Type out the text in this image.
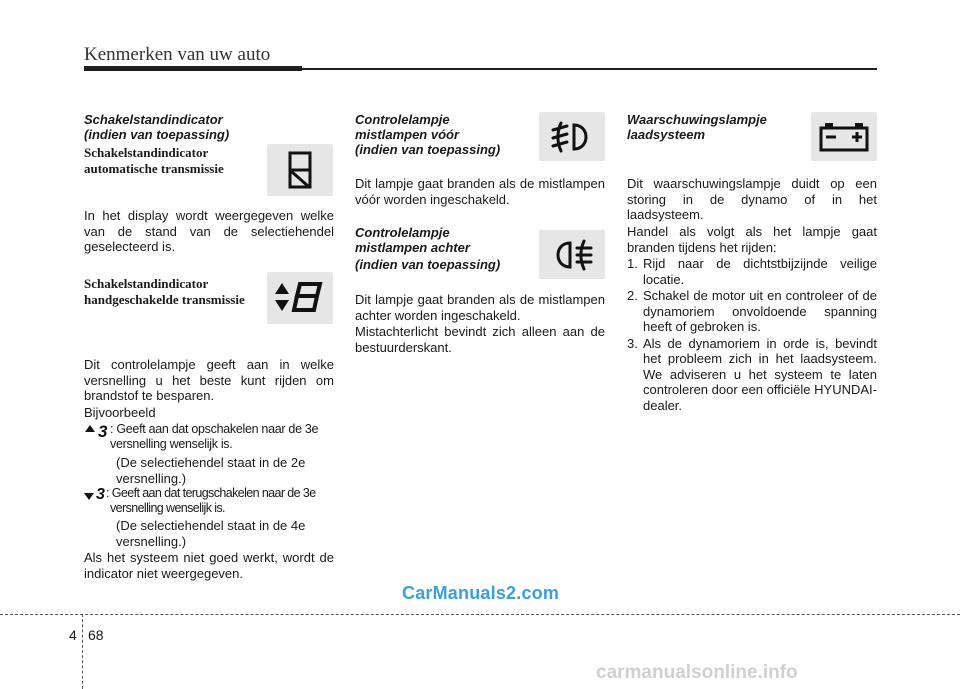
Kenmerken van uw auto
Schakelstandindicator
(indien van toepassing)
Schakelstandindicator
automatische transmissie
In het display wordt weergegeven welke van de stand van de selectiehendel geselecteerd is.
Schakelstandindicator
handgeschakelde transmissie
Dit controlelampje geeft aan in welke versnelling u het beste kunt rijden om brandstof te besparen.
Bijvoorbeeld
3 : Geeft aan dat opschakelen naar de 3e
versnelling wenselijk is.
(De selectiehendel staat in de 2e
versnelling.)
3 : Geeft aan dat terugschakelen naar de 3e
versnelling wenselijk is.
(De selectiehendel staat in de 4e
versnelling.)
Als het systeem niet goed werkt, wordt de indicator niet weergegeven.
Controlelampje
mistlampen vóór
(indien van toepassing)
Dit lampje gaat branden als de mistlampen vóór worden ingeschakeld.
Controlelampje
mistlampen achter
(indien van toepassing)
Dit lampje gaat branden als de mistlampen achter worden ingeschakeld.
Mistachterlicht bevindt zich alleen aan de bestuurderskant.
Waarschuwingslampje
laadsysteem
Dit waarschuwingslampje duidt op een storing in de dynamo of in het laadsysteem.
Handel als volgt als het lampje gaat branden tijdens het rijden:
1. Rijd naar de dichtstbijzijnde veilige locatie.
2. Schakel de motor uit en controleer of de dynamoriem onvoldoende spanning heeft of gebroken is.
3. Als de dynamoriem in orde is, bevindt het probleem zich in het laadsysteem. We adviseren u het systeem te laten controleren door een officiële HYUNDAI-dealer.
CarManuals2.com
4 68
carmanualsonline.info
